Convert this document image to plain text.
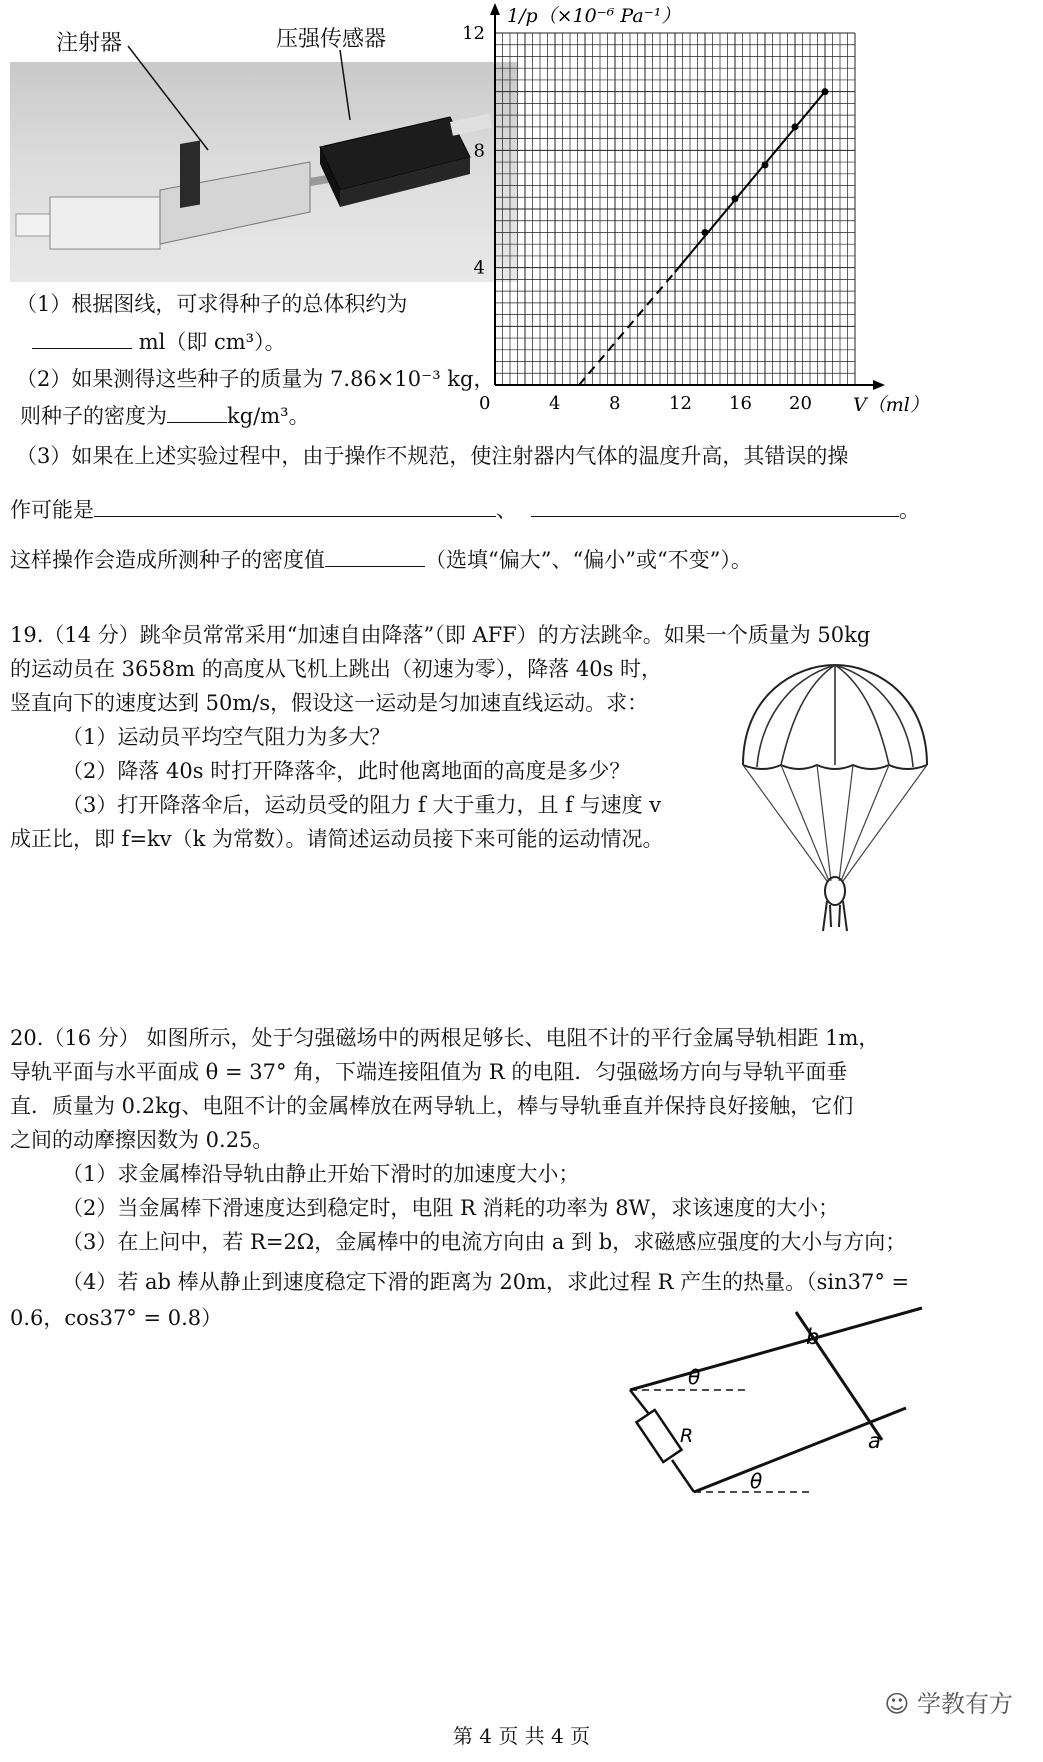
注射器	压强传感器
0	4	8	12 16 20
4
8
12
1/p（×10⁻⁶ Pa⁻¹）
V（ml）
（1）根据图线，可求得种子的总体积约为
ml（即 cm³）。
（2）如果测得这些种子的质量为 7.86×10⁻³ kg，
则种子的密度为	kg/m³。
（3）如果在上述实验过程中，由于操作不规范，使注射器内气体的温度升高，其错误的操
作可能是	、	。
这样操作会造成所测种子的密度值	（选填“偏大”、“偏小”或“不变”）。
19.（14 分）跳伞员常常采用“加速自由降落”（即 AFF）的方法跳伞。如果一个质量为 50kg
的运动员在 3658m 的高度从飞机上跳出（初速为零），降落 40s 时，
竖直向下的速度达到 50m/s，假设这一运动是匀加速直线运动。求：
（1）运动员平均空气阻力为多大？
（2）降落 40s 时打开降落伞，此时他离地面的高度是多少？
（3）打开降落伞后，运动员受的阻力 f 大于重力，且 f 与速度 v
成正比，即 f=kv（k 为常数）。请简述运动员接下来可能的运动情况。
20.（16 分） 如图所示，处于匀强磁场中的两根足够长、电阻不计的平行金属导轨相距 1m，
导轨平面与水平面成 θ = 37° 角，下端连接阻值为 R 的电阻．匀强磁场方向与导轨平面垂
直．质量为 0.2kg、电阻不计的金属棒放在两导轨上，棒与导轨垂直并保持良好接触，它们
之间的动摩擦因数为 0.25。
（1）求金属棒沿导轨由静止开始下滑时的加速度大小；
（2）当金属棒下滑速度达到稳定时，电阻 R 消耗的功率为 8W，求该速度的大小；
（3）在上问中，若 R=2Ω，金属棒中的电流方向由 a 到 b，求磁感应强度的大小与方向；
（4）若 ab 棒从静止到速度稳定下滑的距离为 20m，求此过程 R 产生的热量。（sin37° =
0.6，cos37° = 0.8）
b
a
R
θ
θ
☺ 学教有方
第 4 页 共 4 页
